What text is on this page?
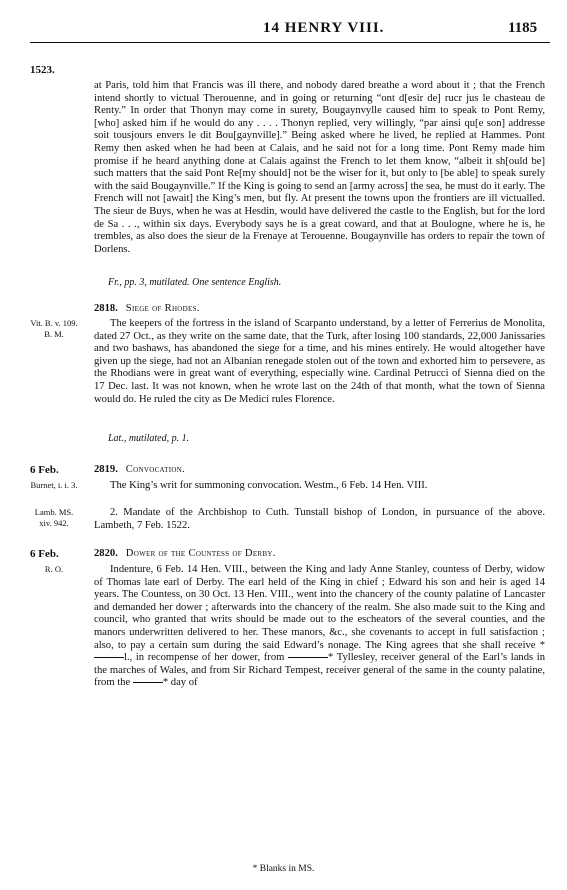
14 HENRY VIII.	1185
1523.
at Paris, told him that Francis was ill there, and nobody dared breathe a word about it ; that the French intend shortly to victual Therouenne, and in going or returning “ont d[esir de] rucr jus le chasteau de Renty.” In order that Thonyn may come in surety, Bougaynvylle caused him to speak to Pont Remy, [who] asked him if he would do any . . . . Thonyn replied, very willingly, “par ainsi qu[e son] addresse soit tousjours envers le dit Bou[gaynville].” Being asked where he lived, he replied at Hammes. Pont Remy then asked when he had been at Calais, and he said not for a long time. Pont Remy made him promise if he heard anything done at Calais against the French to let them know, “albeit it sh[ould be] such matters that the said Pont Re[my should] not be the wiser for it, but only to [be able] to speak surely with the said Bougaynville.” If the King is going to send an [army across] the sea, he must do it early. The French will not [await] the King’s men, but fly. At present the towns upon the frontiers are ill victualled. The sieur de Buys, when he was at Hesdin, would have delivered the castle to the English, but for the lord de Sa . . ., within six days. Everybody says he is a great coward, and that at Boulogne, where he is, he trembles, as also does the sieur de la Frenaye at Terouenne. Bougaynville has orders to repair the town of Dorlens.
Fr., pp. 3, mutilated. One sentence English.
2818. Siege of Rhodes.
Vit. B. v. 109.
B. M.
The keepers of the fortress in the island of Scarpanto understand, by a letter of Ferrerius de Monolita, dated 27 Oct., as they write on the same date, that the Turk, after losing 100 standards, 22,000 Janissaries and two bashaws, has abandoned the siege for a time, and his mines entirely. He would altogether have given up the siege, had not an Albanian renegade stolen out of the town and exhorted him to persevere, as the Rhodians were in great want of everything, especially wine. Cardinal Petrucci of Sienna died on the 17 Dec. last. It was not known, when he wrote last on the 24th of that month, what the town of Sienna would do. He ruled the city as De Medici rules Florence.
Lat., mutilated, p. 1.
6 Feb.	2819. Convocation.
Burnet, i. i. 3.	The King’s writ for summoning convocation. Westm., 6 Feb. 14 Hen. VIII.
Lamb. MS.
xiv. 942.
2. Mandate of the Archbishop to Cuth. Tunstall bishop of London, in pursuance of the above. Lambeth, 7 Feb. 1522.
6 Feb.	2820. Dower of the Countess of Derby.
R. O.	Indenture, 6 Feb. 14 Hen. VIII., between the King and lady Anne Stanley, countess of Derby, widow of Thomas late earl of Derby. The earl held of the King in chief ; Edward his son and heir is aged 14 years. The Countess, on 30 Oct. 13 Hen. VIII., went into the chancery of the county palatine of Lancaster and demanded her dower ; afterwards into the chancery of the realm. She also made suit to the King and council, who granted that writs should be made out to the escheators of the several counties, and the manors underwritten delivered to her. These manors, &c., she covenants to accept in full satisfaction ; also, to pay a certain sum during the said Edward’s nonage. The King agrees that she shall receive *l., in recompense of her dower, from	* Tyllesley, receiver general of the Earl’s lands in the marches of Wales, and from Sir Richard Tempest, receiver general of the same in the county palatine, from the	* day of
* Blanks in MS.
